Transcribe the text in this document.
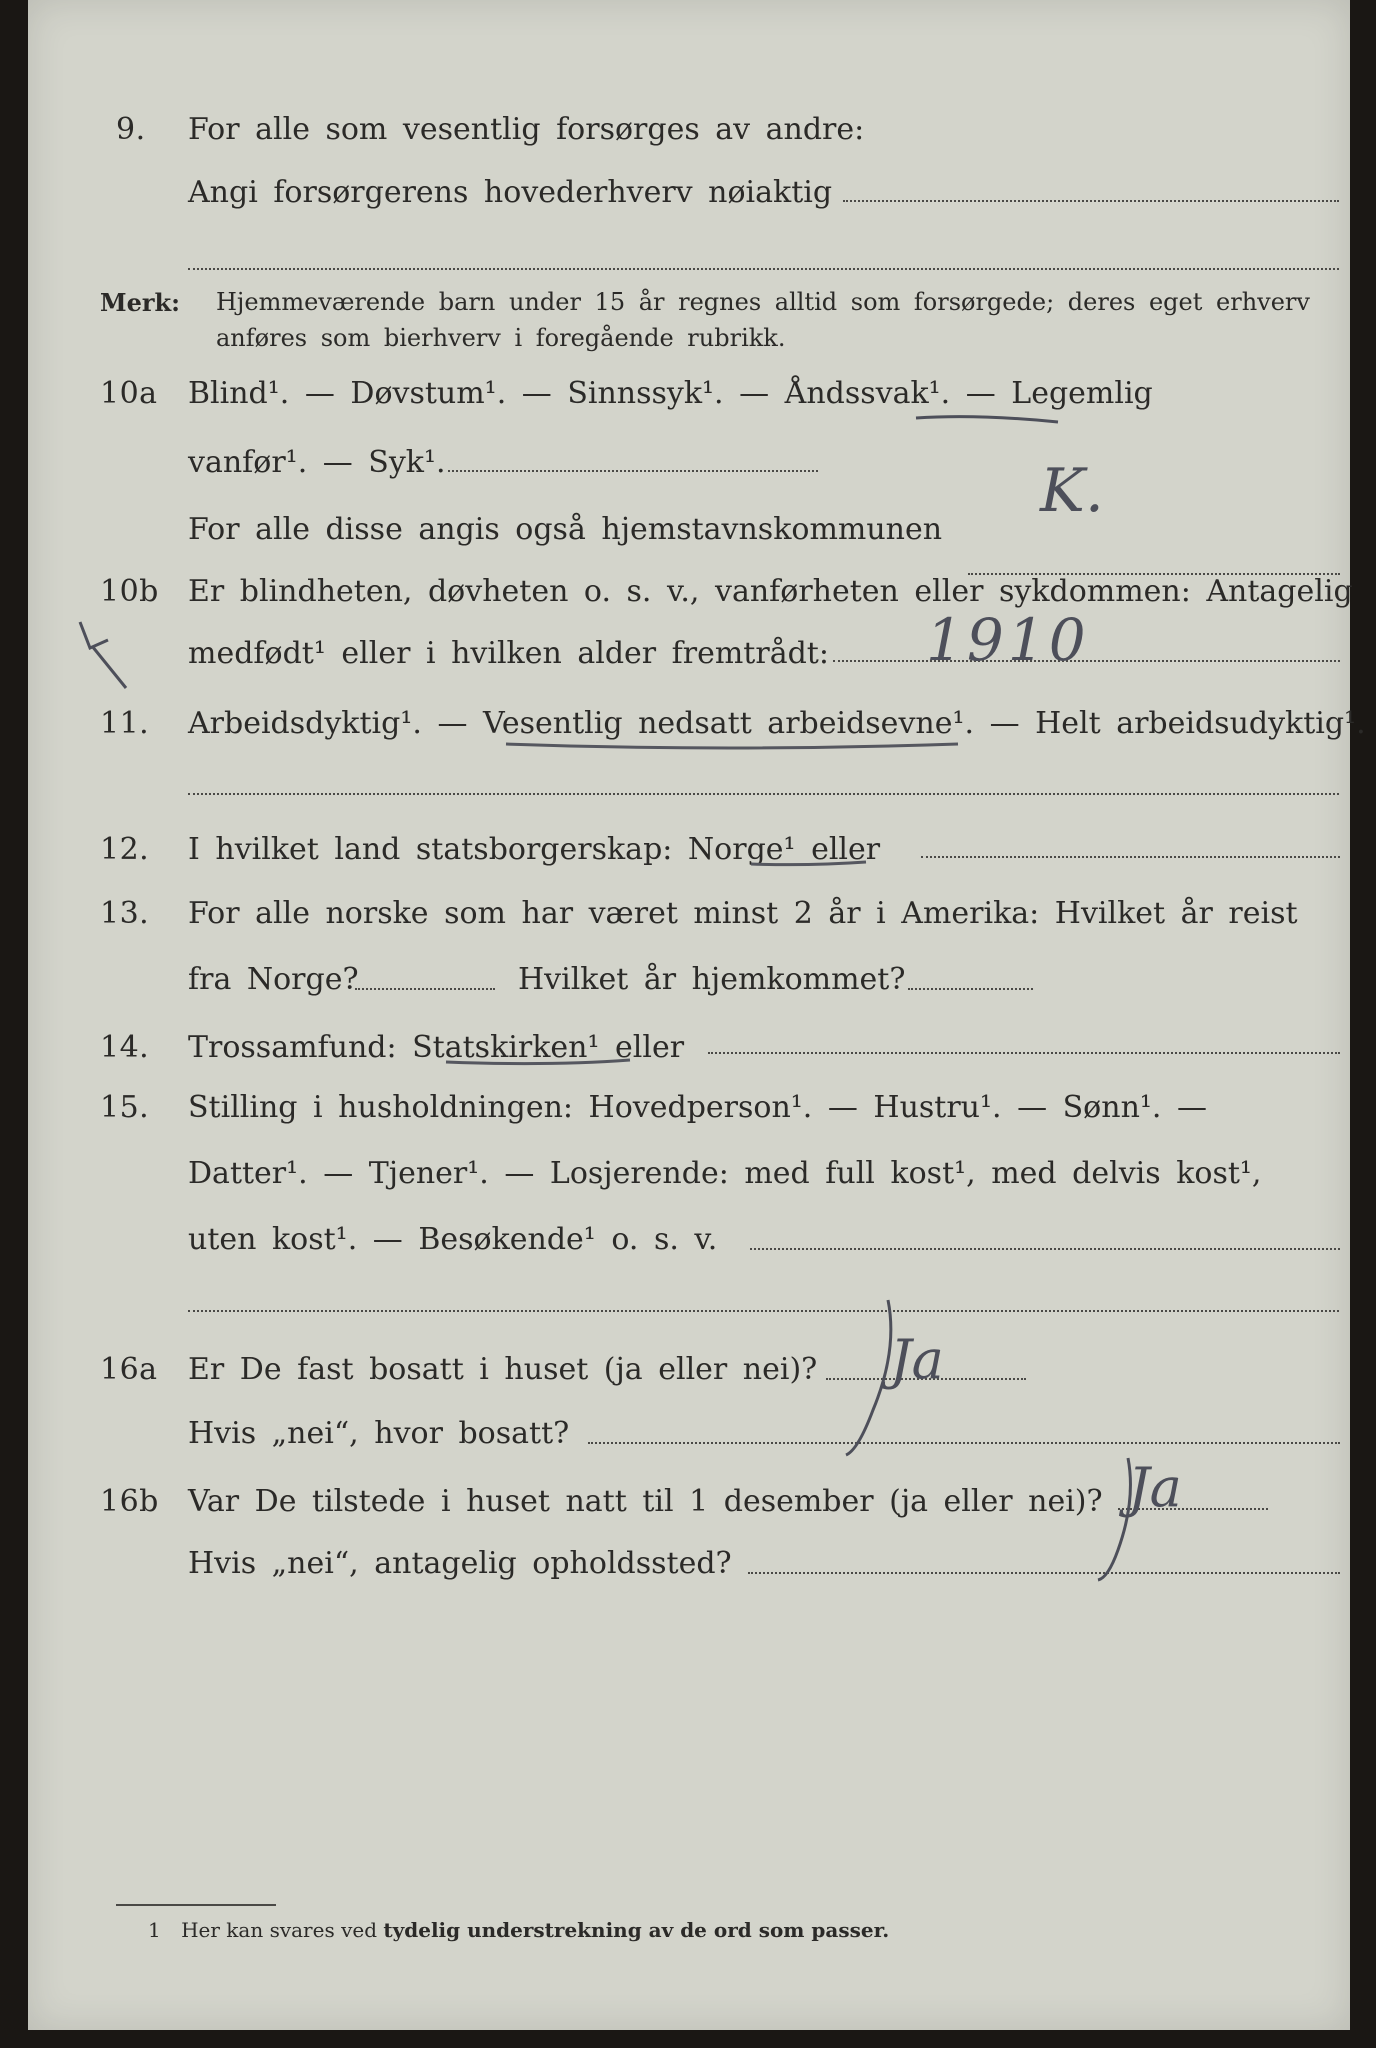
9. For alle som vesentlig forsørges av andre:
Angi forsørgerens hovederhverv nøiaktig
Merk: Hjemmeværende barn under 15 år regnes alltid som forsørgede; deres eget erhverv
anføres som bierhverv i foregående rubrikk.
10a Blind¹. — Døvstum¹. — Sinnssyk¹. — Åndssvak¹. — Legemlig
vanfør¹. — Syk¹.
For alle disse angis også hjemstavnskommunen
10b Er blindheten, døvheten o. s. v., vanførheten eller sykdommen: Antagelig
medfødt¹ eller i hvilken alder fremtrådt:
11. Arbeidsdyktig¹. — Vesentlig nedsatt arbeidsevne¹. — Helt arbeidsudyktig¹.
12. I hvilket land statsborgerskap: Norge¹ eller
13. For alle norske som har været minst 2 år i Amerika: Hvilket år reist
fra Norge?	Hvilket år hjemkommet?
14. Trossamfund: Statskirken¹ eller
15. Stilling i husholdningen: Hovedperson¹. — Hustru¹. — Sønn¹. —
Datter¹. — Tjener¹. — Losjerende: med full kost¹, med delvis kost¹,
uten kost¹. — Besøkende¹ o. s. v.
16a Er De fast bosatt i huset (ja eller nei)?
Hvis „nei“, hvor bosatt?
16b Var De tilstede i huset natt til 1 desember (ja eller nei)?
Hvis „nei“, antagelig opholdssted?
1 Her kan svares ved tydelig understrekning av de ord som passer.
K.
1910
Ja
Ja
